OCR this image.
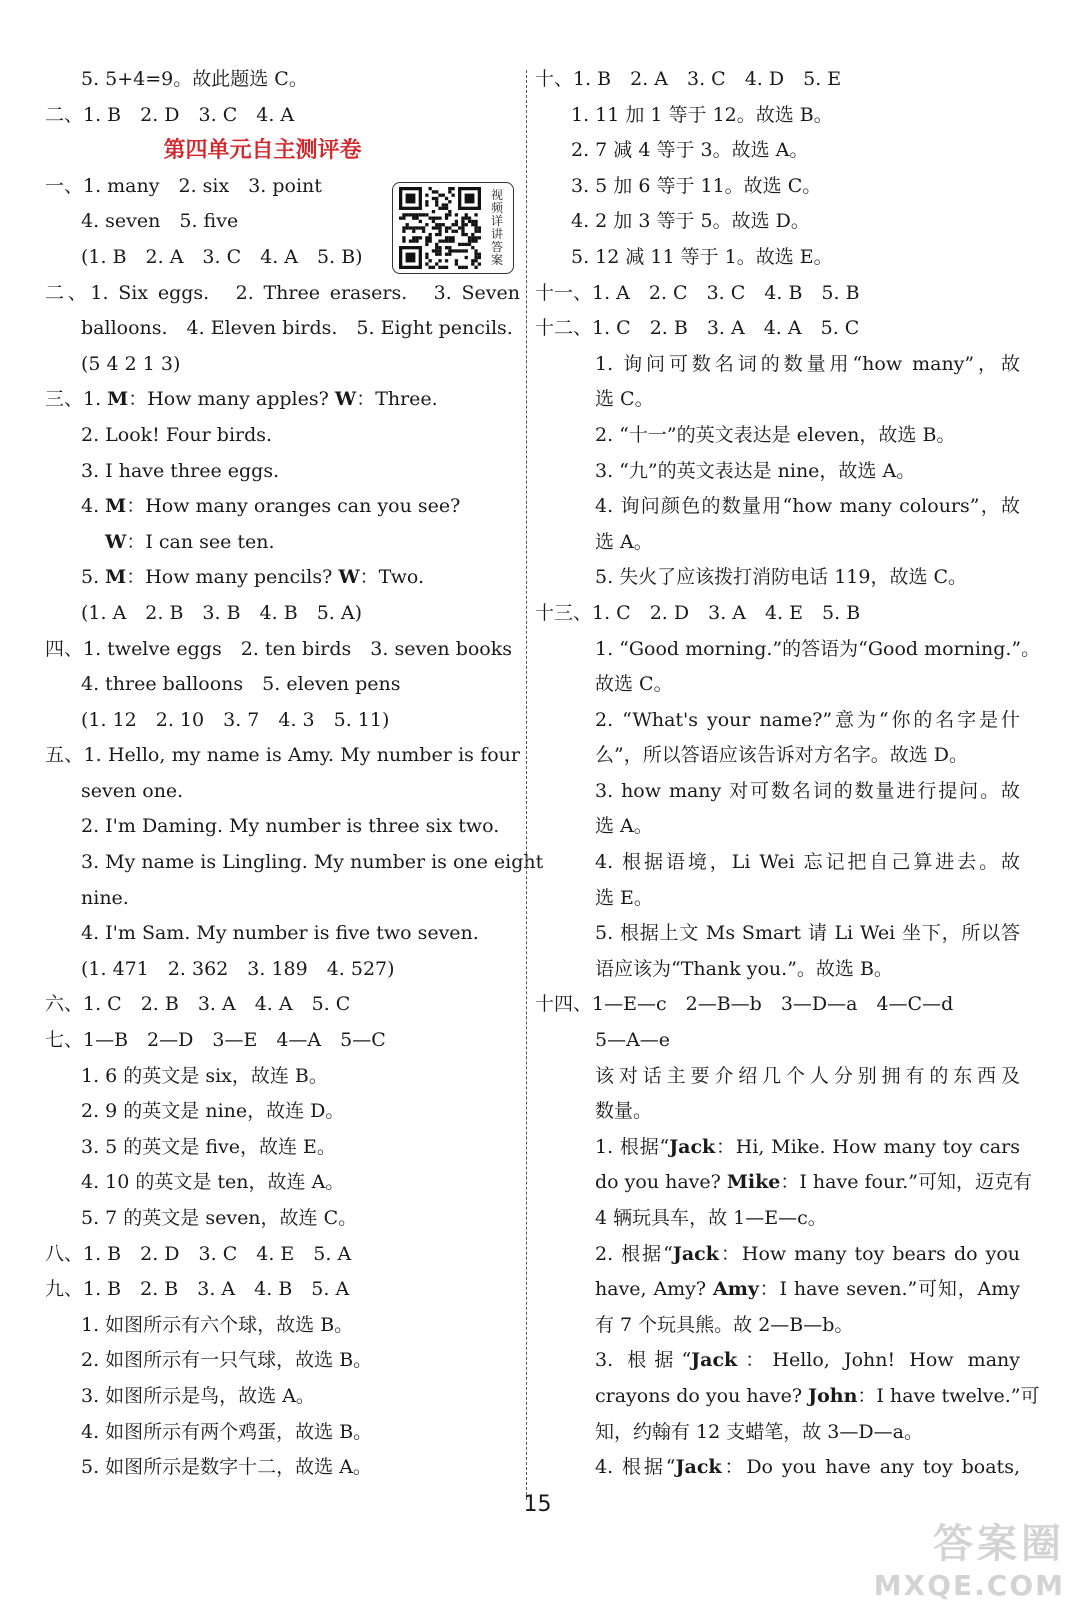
5. 5+4=9。故此题选 C。
二、1. B　2. D　3. C　4. A
第四单元自主测评卷
一、1. many　2. six　3. point
4. seven　5. five
(1. B　2. A　3. C　4. A　5. B)
二、1. Six eggs.　2. Three erasers.　3. Seven
balloons.　4. Eleven birds.　5. Eight pencils.
(5 4 2 1 3)
三、1. M：How many apples? W：Three.
2. Look! Four birds.
3. I have three eggs.
4. M：How many oranges can you see?
W：I can see ten.
5. M：How many pencils? W：Two.
(1. A　2. B　3. B　4. B　5. A)
四、1. twelve eggs　2. ten birds　3. seven books
4. three balloons　5. eleven pens
(1. 12　2. 10　3. 7　4. 3　5. 11)
五、1. Hello, my name is Amy. My number is four
seven one.
2. I'm Daming. My number is three six two.
3. My name is Lingling. My number is one eight
nine.
4. I'm Sam. My number is five two seven.
(1. 471　2. 362　3. 189　4. 527)
六、1. C　2. B　3. A　4. A　5. C
七、1—B　2—D　3—E　4—A　5—C
1. 6 的英文是 six，故连 B。
2. 9 的英文是 nine，故连 D。
3. 5 的英文是 five，故连 E。
4. 10 的英文是 ten，故连 A。
5. 7 的英文是 seven，故连 C。
八、1. B　2. D　3. C　4. E　5. A
九、1. B　2. B　3. A　4. B　5. A
1. 如图所示有六个球，故选 B。
2. 如图所示有一只气球，故选 B。
3. 如图所示是鸟，故选 A。
4. 如图所示有两个鸡蛋，故选 B。
5. 如图所示是数字十二，故选 A。
十、1. B　2. A　3. C　4. D　5. E
1. 11 加 1 等于 12。故选 B。
2. 7 减 4 等于 3。故选 A。
3. 5 加 6 等于 11。故选 C。
4. 2 加 3 等于 5。故选 D。
5. 12 减 11 等于 1。故选 E。
十一、1. A　2. C　3. C　4. B　5. B
十二、1. C　2. B　3. A　4. A　5. C
1. 询问可数名词的数量用“how many”，故
选 C。
2. “十一”的英文表达是 eleven，故选 B。
3. “九”的英文表达是 nine，故选 A。
4. 询问颜色的数量用“how many colours”，故
选 A。
5. 失火了应该拨打消防电话 119，故选 C。
十三、1. C　2. D　3. A　4. E　5. B
1. “Good morning.”的答语为“Good morning.”。
故选 C。
2. “What's your name?”意为“你的名字是什
么”，所以答语应该告诉对方名字。故选 D。
3. how many 对可数名词的数量进行提问。故
选 A。
4. 根据语境，Li Wei 忘记把自己算进去。故
选 E。
5. 根据上文 Ms Smart 请 Li Wei 坐下，所以答
语应该为“Thank you.”。故选 B。
十四、1—E—c　2—B—b　3—D—a　4—C—d
5—A—e
该对话主要介绍几个人分别拥有的东西及
数量。
1. 根据“Jack：Hi, Mike. How many toy cars
do you have? Mike：I have four.”可知，迈克有
4 辆玩具车，故 1—E—c。
2. 根据“Jack：How many toy bears do you
have, Amy? Amy：I have seven.”可知，Amy
有 7 个玩具熊。故 2—B—b。
3. 根据“Jack：Hello, John! How many
crayons do you have? John：I have twelve.”可
知，约翰有 12 支蜡笔，故 3—D—a。
4. 根据“Jack：Do you have any toy boats,
视频详讲答案
15
答案圈
MXQE.COM
